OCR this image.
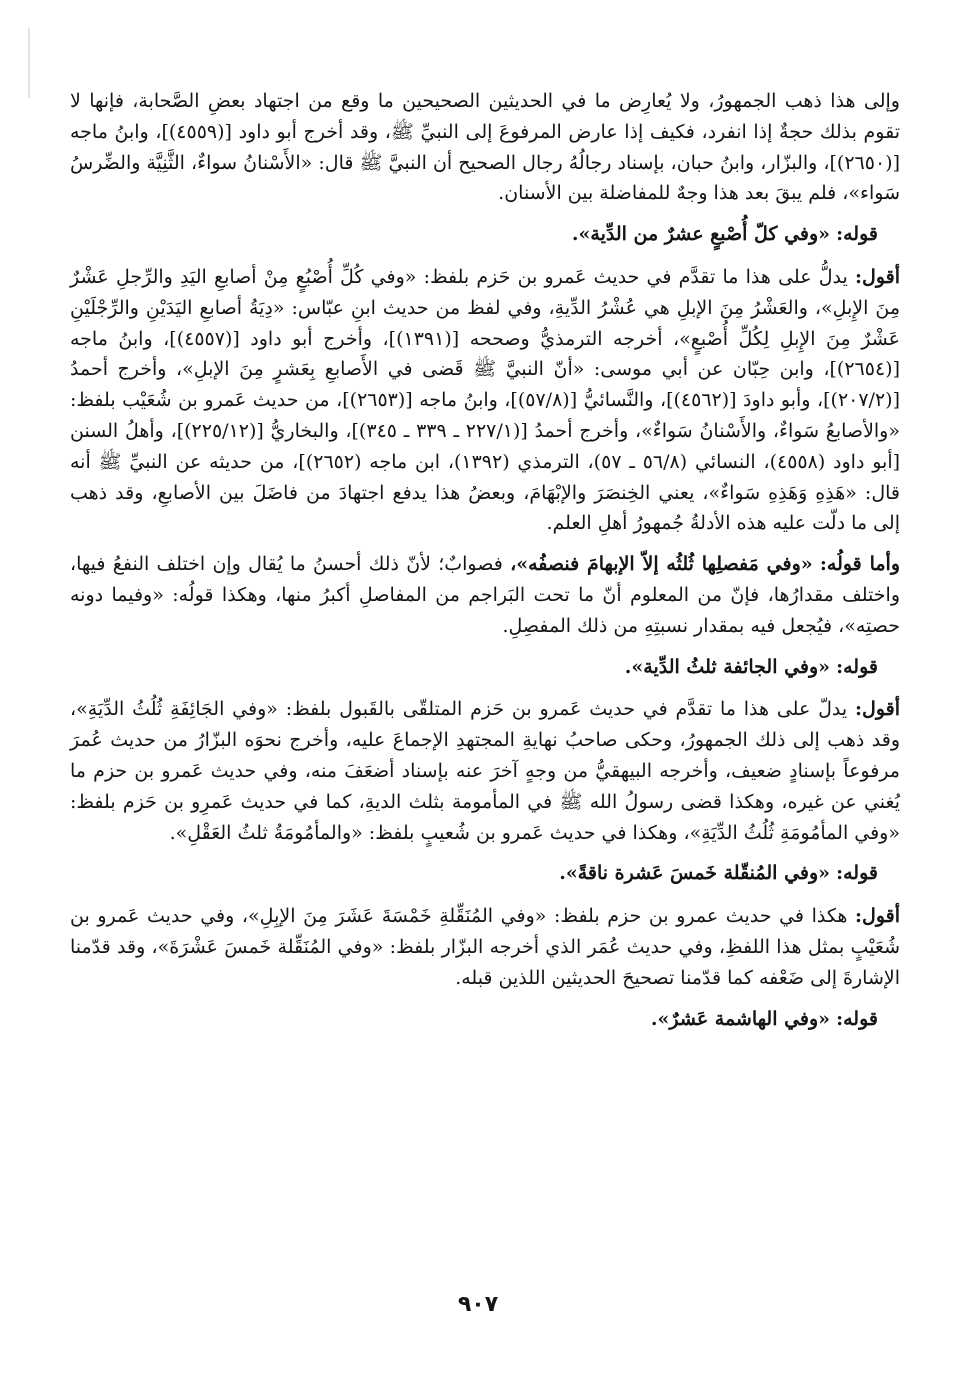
وإلى هذا ذهب الجمهورُ، ولا يُعارِض ما في الحديثين الصحيحين ما وقع من اجتهاد بعضِ الصَّحابة، فإنها لا تقوم بذلك حجةٌ إذا انفرد، فكيف إذا عارض المرفوعَ إلى النبيِّ ﷺ، وقد أخرج أبو داود [(٤٥٥٩)]، وابنُ ماجه [(٢٦٥٠)]، والبزّار، وابنُ حبان، بإسناد رجالُهُ رجال الصحيح أن النبيَّ ﷺ قال: «الأَسْنانُ سواءٌ، الثَّنِيَّة والضِّرسُ سَواء»، فلم يبقَ بعد هذا وجهٌ للمفاضلة بين الأسنان.

قوله: «وفي كلّ أُصْبعٍ عشرٌ من الدِّية».

أقول: يدلُّ على هذا ما تقدَّم في حديث عَمرو بن حَزم بلفظ: «وفي كُلِّ أُصْبُعٍ مِنْ أصابعِ اليَدِ والرِّجلِ عَشْرٌ مِنَ الإِبلِ»، والعَشْرُ مِنَ الإبلِ هي عُشْرُ الدِّيةِ، وفي لفظ من حديث ابنِ عبّاس: «دِيَةُ أصابعِ اليَدَيْنِ والرِّجْلَيْنِ عَشْرٌ مِنَ الإِبلِ لِكُلِّ أُصْبعٍ»، أخرجه الترمذيُّ وصححه [(١٣٩١)]، وأخرج أبو داود [(٤٥٥٧)]، وابنُ ماجه [(٢٦٥٤)]، وابن حِبّان عن أبي موسى: «أنّ النبيَّ ﷺ قَضى في الأَصابعِ بِعَشرٍ مِنَ الإبلِ»، وأخرج أحمدُ [(٢٠٧/٢)]، وأبو داودَ [(٤٥٦٢)]، والنَّسائيُّ [(٥٧/٨)]، وابنُ ماجه [(٢٦٥٣)]، من حديث عَمرو بن شُعَيْب بلفظ: «والأصابعُ سَواءٌ، والأَسْنانُ سَواءٌ»، وأخرج أحمدُ [(٢٢٧/١ ـ ٣٣٩ ـ ٣٤٥)]، والبخاريُّ [(٢٢٥/١٢)]، وأهلُ السنن [أبو داود (٤٥٥٨)، النسائي (٥٦/٨ ـ ٥٧)، الترمذي (١٣٩٢)، ابن ماجه (٢٦٥٢)]، من حديثه عن النبيِّ ﷺ أنه قال: «هَذِهِ وَهَذِهِ سَواءٌ»، يعني الخِنصَرَ والإبْهَامَ، وبعضُ هذا يدفع اجتهادَ من فاضَلَ بين الأصابعِ، وقد ذهب إلى ما دلّت عليه هذه الأدلةُ جُمهورُ أهلِ العلم.

وأما قولُه: «وفي مَفصلِها ثُلثُه إلاّ الإبهامَ فنصفُه»، فصوابٌ؛ لأنّ ذلك أحسنُ ما يُقال وإن اختلف النفعُ فيها، واختلف مقدارُها، فإنّ من المعلوم أنّ ما تحت البَراجم من المفاصلِ أكبرُ منها، وهكذا قولُه: «وفيما دونه حصتِه»، فيُجعل فيه بمقدار نسبتِهِ من ذلك المفصِلِ.

قوله: «وفي الجائفة ثلثُ الدِّية».

أقول: يدلّ على هذا ما تقدَّم في حديث عَمرو بن حَزم المتلقّى بالقَبول بلفظ: «وفي الجَائِفَةِ ثُلُثُ الدِّيَةِ»، وقد ذهب إلى ذلك الجمهورُ، وحكى صاحبُ نهايةِ المجتهدِ الإجماعَ عليه، وأخرج نحوَه البزّارُ من حديث عُمرَ مرفوعاً بإسنادٍ ضعيف، وأخرجه البيهقيُّ من وجهٍ آخرَ عنه بإسناد أضعَفَ منه، وفي حديث عَمرو بن حزم ما يُغني عن غيره، وهكذا قضى رسولُ الله ﷺ في المأمومة بثلث الديةِ، كما في حديث عَمرِو بن حَزم بلفظ: «وفي المأمُومَةِ ثُلُثُ الدِّيَةِ»، وهكذا في حديث عَمرو بن شُعيبٍ بلفظ: «والمأمُومَةُ ثلثُ العَقْلِ».

قوله: «وفي المُنقّلة خَمسَ عَشرة ناقةً».

أقول: هكذا في حديث عمرو بن حزم بلفظ: «وفي المُنَقِّلةِ خَمْسَةَ عَشَرَ مِنَ الإبِلِ»، وفي حديث عَمرو بن شُعَيْبٍ بمثل هذا اللفظِ، وفي حديث عُمَر الذي أخرجه البزّار بلفظ: «وفي المُنَقِّلة خَمسَ عَشْرَةَ»، وقد قدّمنا الإشارةَ إلى ضَعْفه كما قدّمنا تصحيحَ الحديثين اللذين قبله.

قوله: «وفي الهاشمة عَشرٌ».

٩٠٧
